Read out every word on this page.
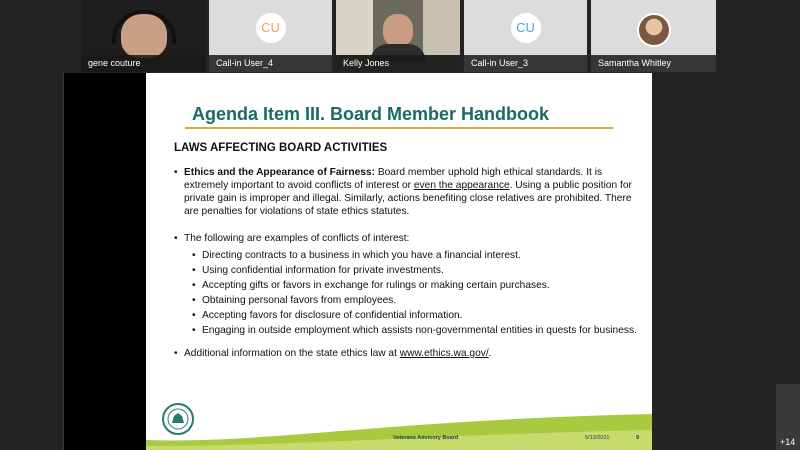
gene couture
CU
Call-in User_4	Kelly Jones
CU
Call-in User_3	Samantha Whitley
Agenda Item III. Board Member Handbook
LAWS AFFECTING BOARD ACTIVITIES
• Ethics and the Appearance of Fairness: Board member uphold high ethical standards. It is extremely important to avoid conflicts of interest or even the appearance. Using a public position for private gain is improper and illegal. Similarly, actions benefiting close relatives are prohibited. There are penalties for violations of state ethics statutes.
• The following are examples of conflicts of interest:
• Directing contracts to a business in which you have a financial interest.
• Using confidential information for private investments.
• Accepting gifts or favors in exchange for rulings or making certain purchases.
• Obtaining personal favors from employees.
• Accepting favors for disclosure of confidential information.
• Engaging in outside employment which assists non-governmental entities in quests for business.
• Additional information on the state ethics law at www.ethics.wa.gov/.
Veterans Advisory Board	5/13/2021	9	+14
